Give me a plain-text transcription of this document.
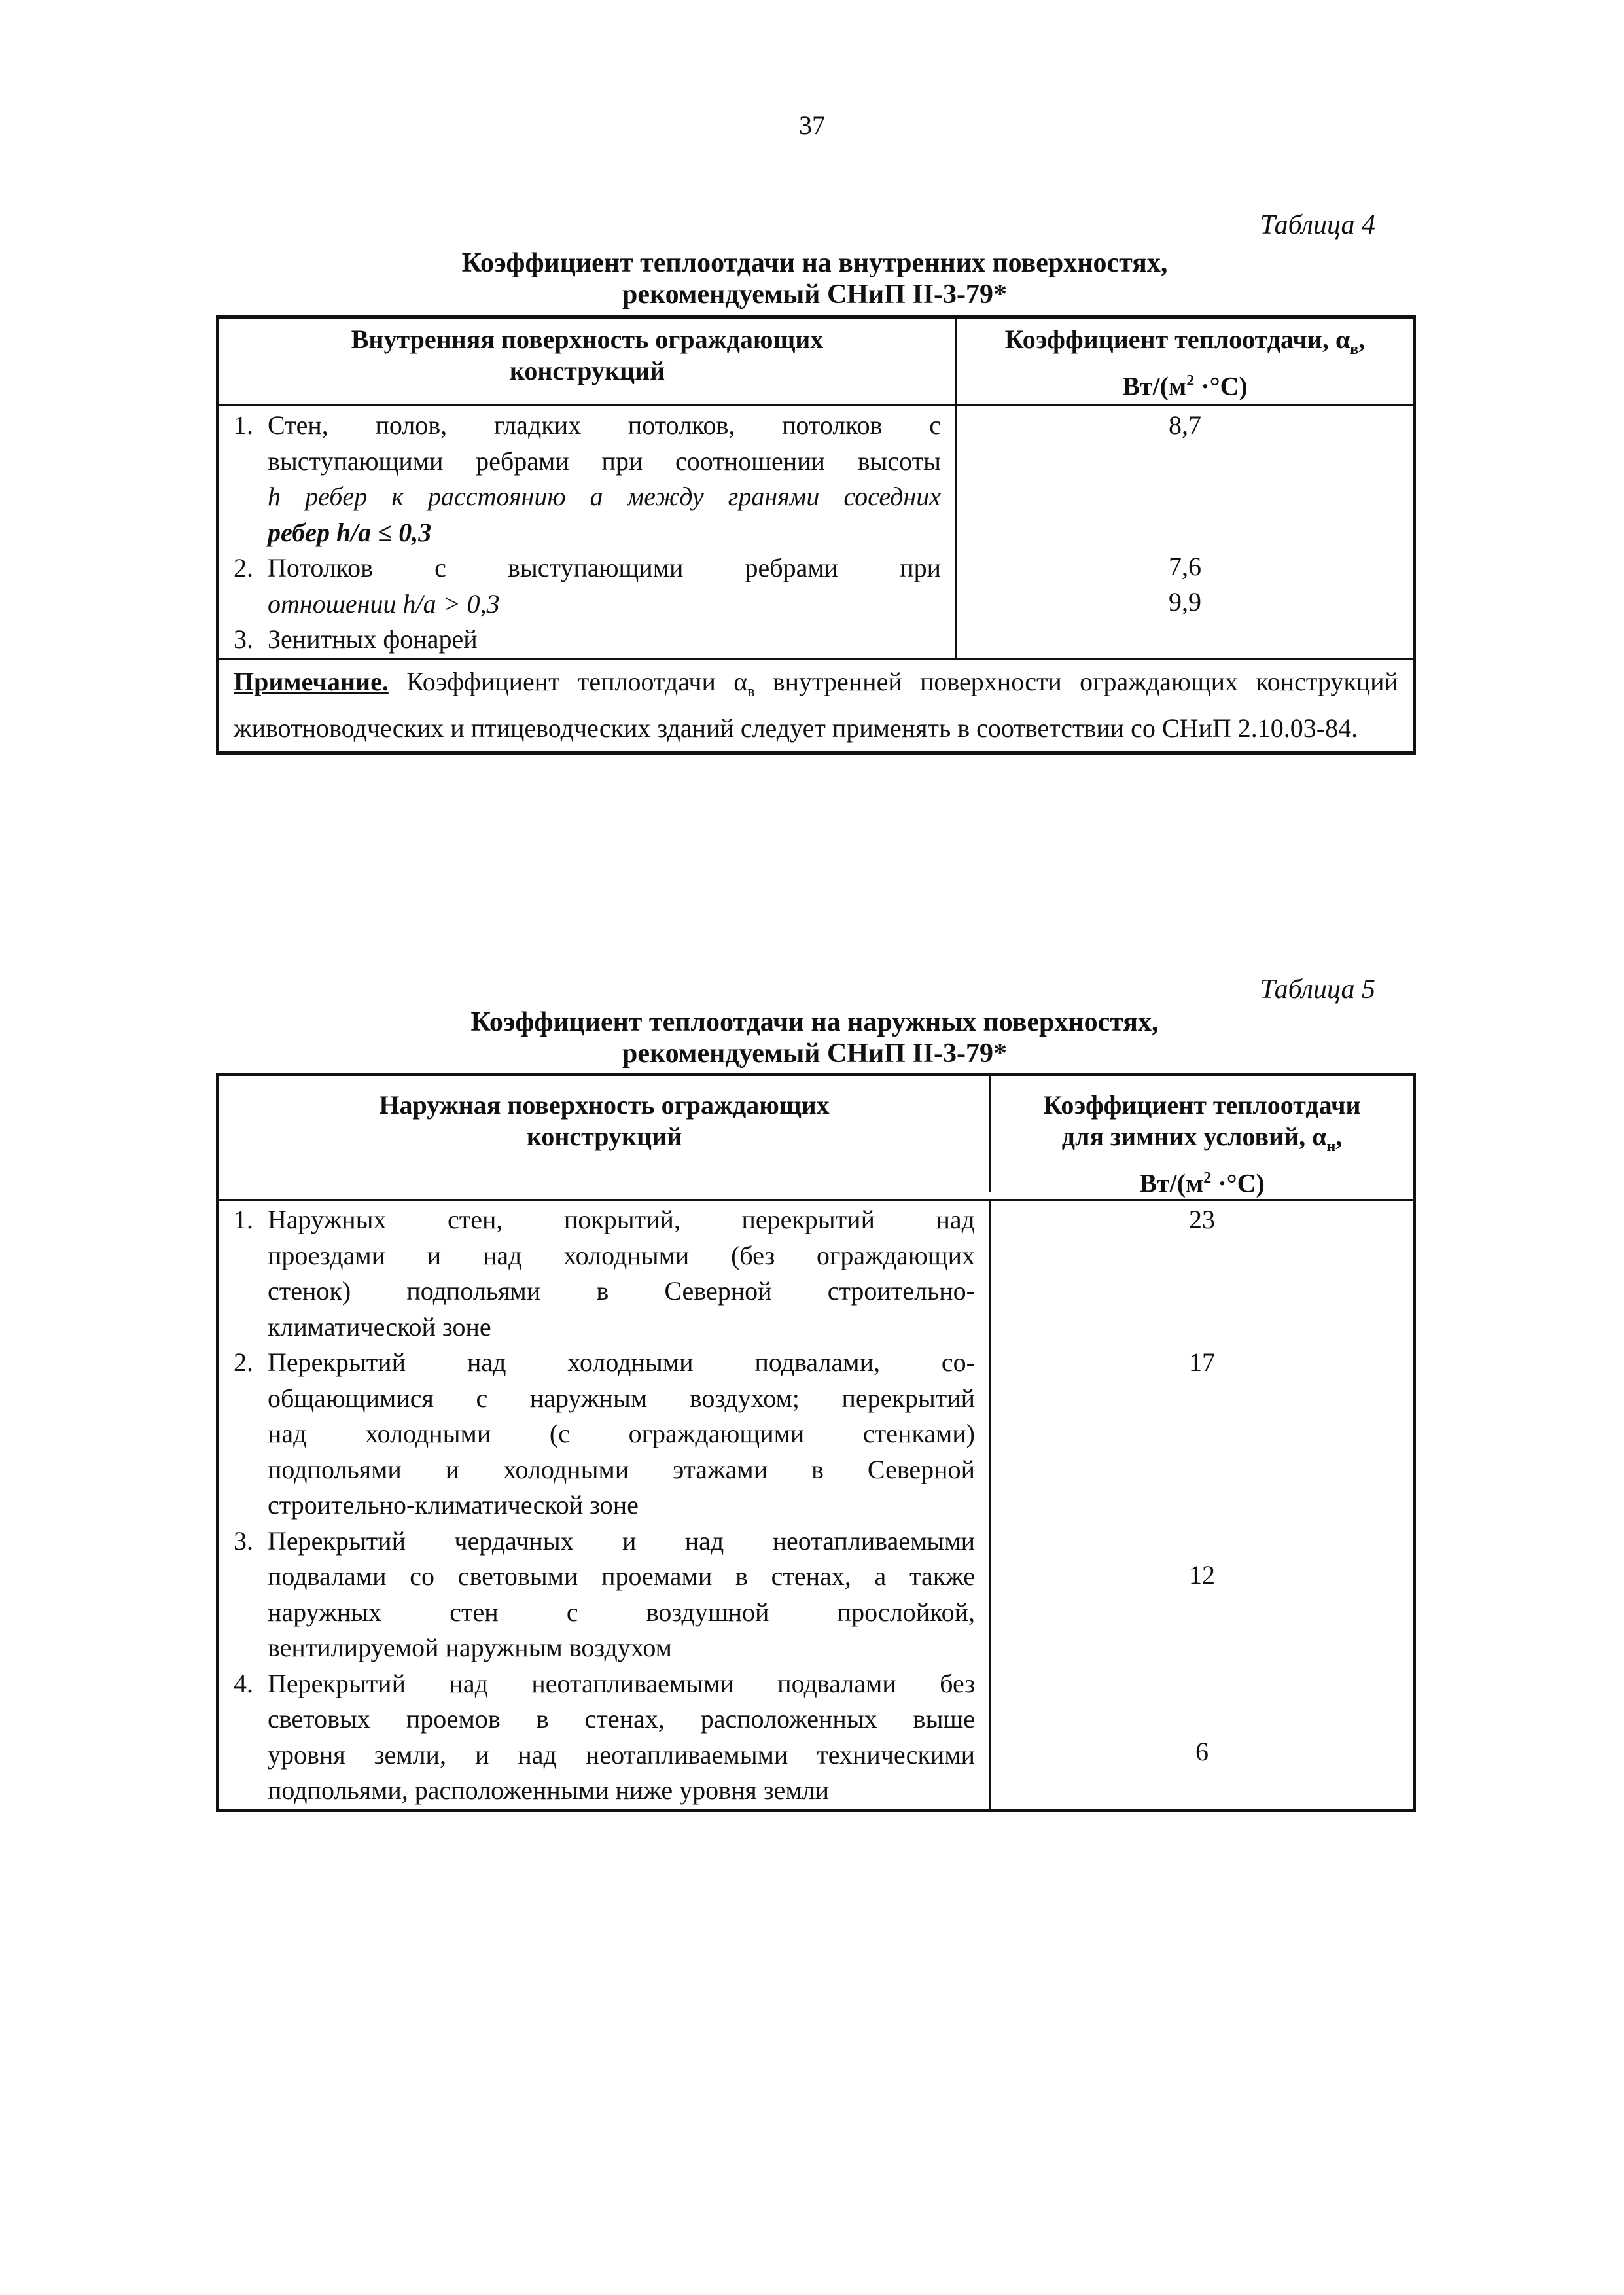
37
Таблица 4
Коэффициент теплоотдачи на внутренних поверхностях,
рекомендуемый СНиП II-3-79*
Внутренняя поверхность ограждающих
конструкций
Коэффициент теплоотдачи, $\alpha_в$,
$Вт/(м^2 \cdot^\circ С)$
1. Стен, полов, гладких потолков, потолков с
выступающими ребрами при соотношении высоты
h ребер к расстоянию a между гранями соседних
ребер h/a ≤ 0,3
2. Потолков с выступающими ребрами при
отношении h/a > 0,3
3. Зенитных фонарей
8,7
7,6
9,9
Примечание. Коэффициент теплоотдачи $\alpha_в$ внутренней поверхности ограждающих конструкций животноводческих и птицеводческих зданий следует применять в соответствии со СНиП 2.10.03-84.
Таблица 5
Коэффициент теплоотдачи на наружных поверхностях,
рекомендуемый СНиП II-3-79*
Наружная поверхность ограждающих
конструкций
Коэффициент теплоотдачи
для зимних условий, $\alpha_н$,
$Вт/(м^2 \cdot^\circ С)$
1. Наружных стен, покрытий, перекрытий над
проездами и над холодными (без ограждающих
стенок) подпольями в Северной строительно-
климатической зоне
2. Перекрытий над холодными подвалами, со-
общающимися с наружным воздухом; перекрытий
над холодными (с ограждающими стенками)
подпольями и холодными этажами в Северной
строительно-климатической зоне
3. Перекрытий чердачных и над неотапливаемыми
подвалами со световыми проемами в стенах, а также
наружных стен с воздушной прослойкой,
вентилируемой наружным воздухом
4. Перекрытий над неотапливаемыми подвалами без
световых проемов в стенах, расположенных выше
уровня земли, и над неотапливаемыми техническими
подпольями, расположенными ниже уровня земли
23
17
12
6
